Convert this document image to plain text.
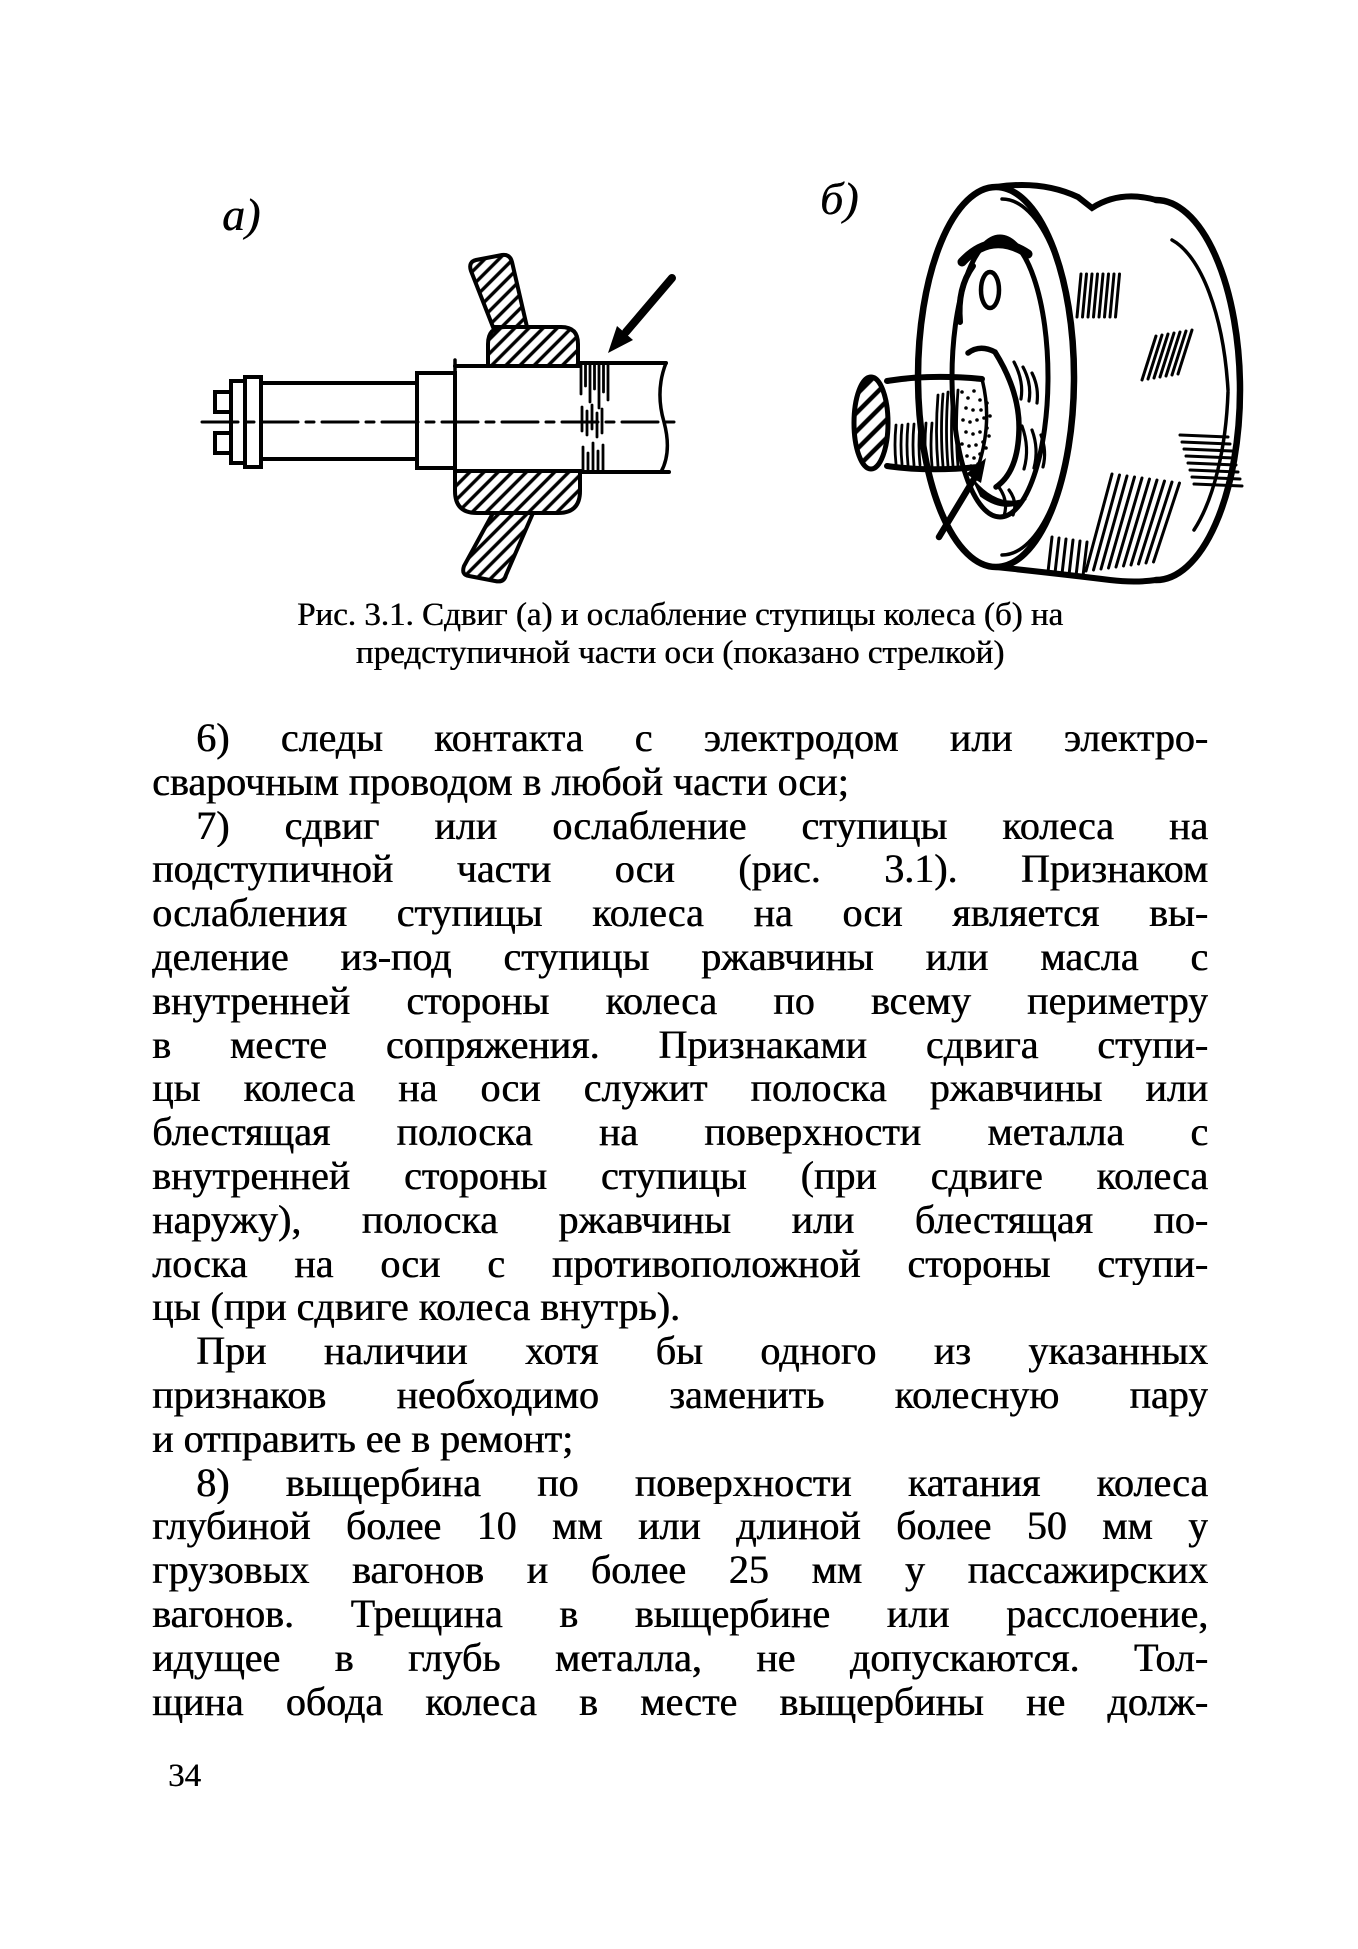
а)	б)
Рис. 3.1. Сдвиг (а) и ослабление ступицы колеса (б) на
предступичной части оси (показано стрелкой)
6) следы контакта с электродом или электро-
сварочным проводом в любой части оси;
7) сдвиг или ослабление ступицы колеса на
подступичной части оси (рис. 3.1). Признаком
ослабления ступицы колеса на оси является вы-
деление из-под ступицы ржавчины или масла с
внутренней стороны колеса по всему периметру
в месте сопряжения. Признаками сдвига ступи-
цы колеса на оси служит полоска ржавчины или
блестящая полоска на поверхности металла с
внутренней стороны ступицы (при сдвиге колеса
наружу), полоска ржавчины или блестящая по-
лоска на оси с противоположной стороны ступи-
цы (при сдвиге колеса внутрь).
При наличии хотя бы одного из указанных
признаков необходимо заменить колесную пару
и отправить ее в ремонт;
8) выщербина по поверхности катания колеса
глубиной более 10 мм или длиной более 50 мм у
грузовых вагонов и более 25 мм у пассажирских
вагонов. Трещина в выщербине или расслоение,
идущее в глубь металла, не допускаются. Тол-
щина обода колеса в месте выщербины не долж-
34
